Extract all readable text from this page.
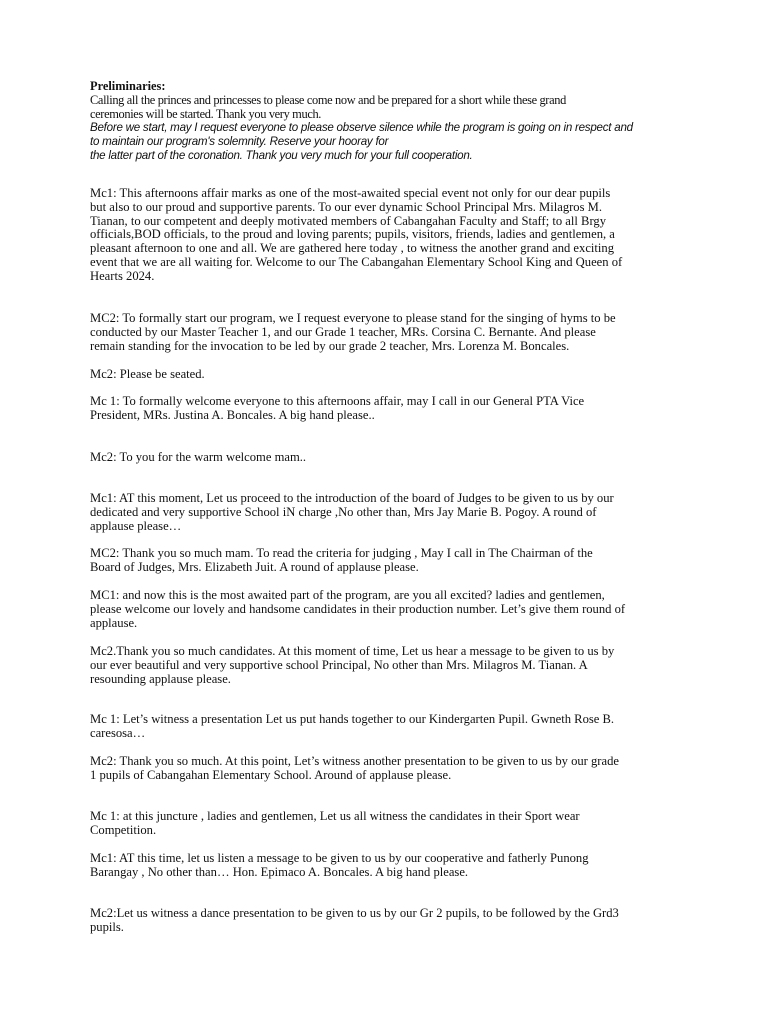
Preliminaries:
Calling all the princes and princesses to please come now and be prepared for a short while these grand
ceremonies will be started. Thank you very much.
Before we start, may I request everyone to please observe silence while the program is going on in respect and
to maintain our program's solemnity. Reserve your hooray for
the latter part of the coronation. Thank you very much for your full cooperation.
Mc1: This afternoons affair marks as one of the most-awaited special event not only for our dear pupils
but also to our proud and supportive parents. To our ever dynamic School Principal Mrs. Milagros M.
Tianan, to our competent and deeply motivated members of Cabangahan Faculty and Staff; to all Brgy
officials,BOD officials, to the proud and loving parents; pupils, visitors, friends, ladies and gentlemen, a
pleasant afternoon to one and all. We are gathered here today , to witness the another grand and exciting
event that we are all waiting for. Welcome to our The Cabangahan Elementary School King and Queen of
Hearts 2024.
MC2: To formally start our program, we I request everyone to please stand for the singing of hyms to be
conducted by our Master Teacher 1, and our Grade 1 teacher, MRs. Corsina C. Bernante. And please
remain standing for the invocation to be led by our grade 2 teacher, Mrs. Lorenza M. Boncales.
Mc2: Please be seated.
Mc 1: To formally welcome everyone to this afternoons affair, may I call in our General PTA Vice
President, MRs. Justina A. Boncales. A big hand please..
Mc2: To you for the warm welcome mam..
Mc1: AT this moment, Let us proceed to the introduction of the board of Judges to be given to us by our
dedicated and very supportive School iN charge ,No other than, Mrs Jay Marie B. Pogoy. A round of
applause please…
MC2: Thank you so much mam. To read the criteria for judging , May I call in The Chairman of the
Board of Judges, Mrs. Elizabeth Juit. A round of applause please.
MC1: and now this is the most awaited part of the program, are you all excited? ladies and gentlemen,
please welcome our lovely and handsome candidates in their production number. Let’s give them round of
applause.
Mc2.Thank you so much candidates. At this moment of time, Let us hear a message to be given to us by
our ever beautiful and very supportive school Principal, No other than Mrs. Milagros M. Tianan. A
resounding applause please.
Mc 1: Let’s witness a presentation Let us put hands together to our Kindergarten Pupil. Gwneth Rose B.
caresosa…
Mc2: Thank you so much. At this point, Let’s witness another presentation to be given to us by our grade
1 pupils of Cabangahan Elementary School. Around of applause please.
Mc 1: at this juncture , ladies and gentlemen, Let us all witness the candidates in their Sport wear
Competition.
Mc1: AT this time, let us listen a message to be given to us by our cooperative and fatherly Punong
Barangay , No other than… Hon. Epimaco A. Boncales. A big hand please.
Mc2:Let us witness a dance presentation to be given to us by our Gr 2 pupils, to be followed by the Grd3
pupils.
